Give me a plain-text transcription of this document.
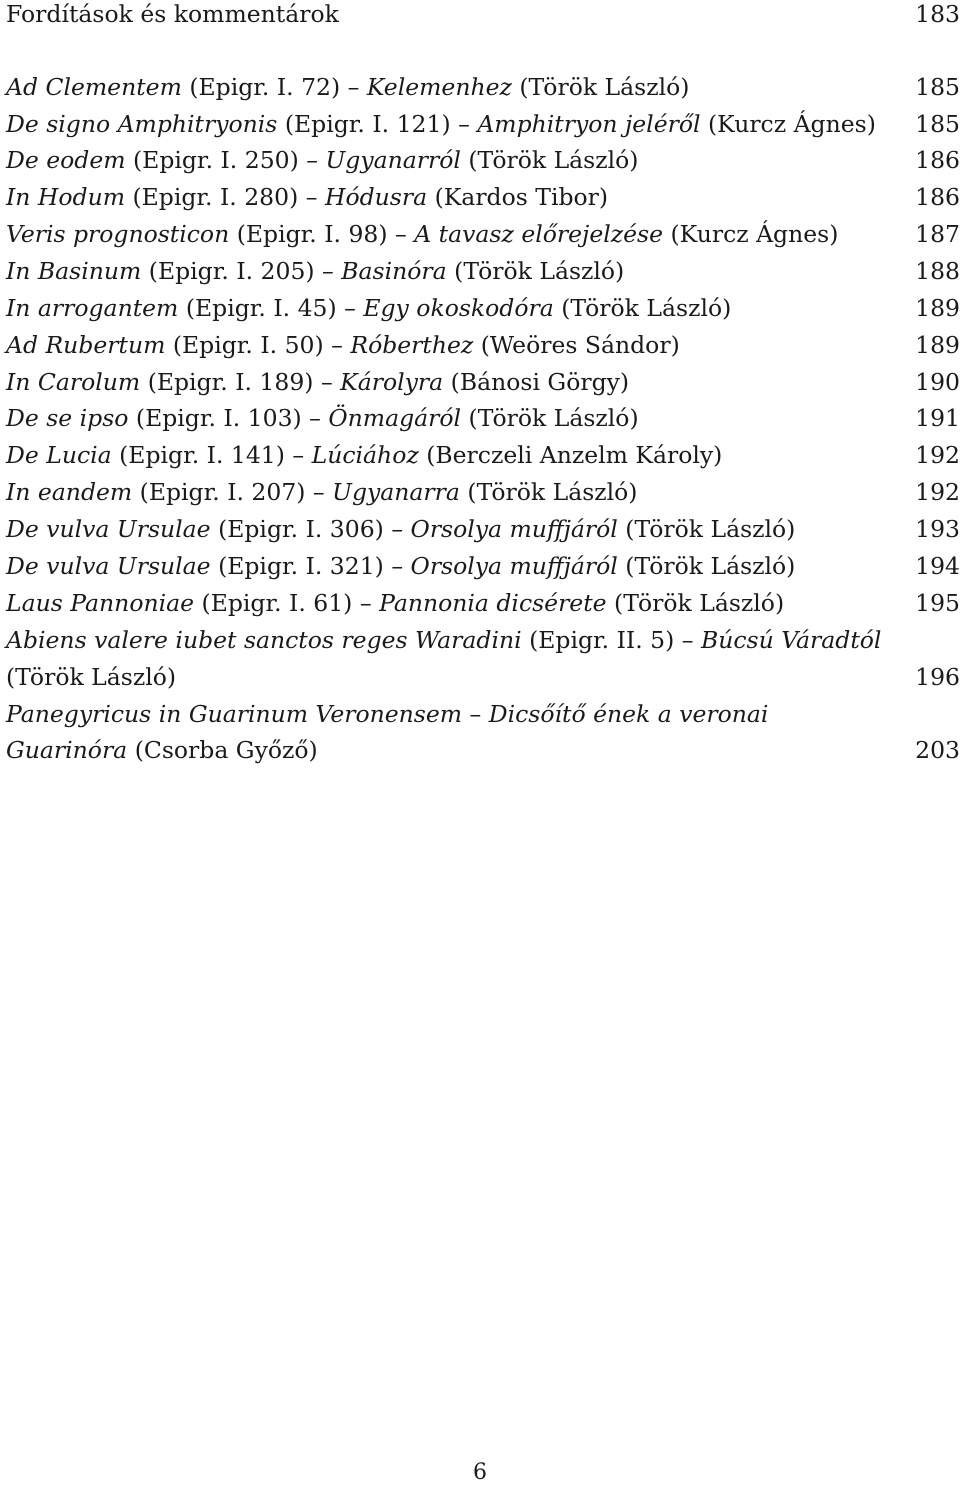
Fordítások és kommentárok	183
Ad Clementem (Epigr. I. 72) – Kelemenhez (Török László)	185
De signo Amphitryonis (Epigr. I. 121) – Amphitryon jeléről (Kurcz Ágnes) 185
De eodem (Epigr. I. 250) – Ugyanarról (Török László)	186
In Hodum (Epigr. I. 280) – Hódusra (Kardos Tibor)	186
Veris prognosticon (Epigr. I. 98) – A tavasz előrejelzése (Kurcz Ágnes)	187
In Basinum (Epigr. I. 205) – Basinóra (Török László)	188
In arrogantem (Epigr. I. 45) – Egy okoskodóra (Török László)	189
Ad Rubertum (Epigr. I. 50) – Róberthez (Weöres Sándor)	189
In Carolum (Epigr. I. 189) – Károlyra (Bánosi Görgy)	190
De se ipso (Epigr. I. 103) – Önmagáról (Török László)	191
De Lucia (Epigr. I. 141) – Lúciához (Berczeli Anzelm Károly)	192
In eandem (Epigr. I. 207) – Ugyanarra (Török László)	192
De vulva Ursulae (Epigr. I. 306) – Orsolya muffjáról (Török László)	193
De vulva Ursulae (Epigr. I. 321) – Orsolya muffjáról (Török László)	194
Laus Pannoniae (Epigr. I. 61) – Pannonia dicsérete (Török László)	195
Abiens valere iubet sanctos reges Waradini (Epigr. II. 5) – Búcsú Váradtól
(Török László)	196
Panegyricus in Guarinum Veronensem – Dicsőítő ének a veronai
Guarinóra (Csorba Győző)	203
6
